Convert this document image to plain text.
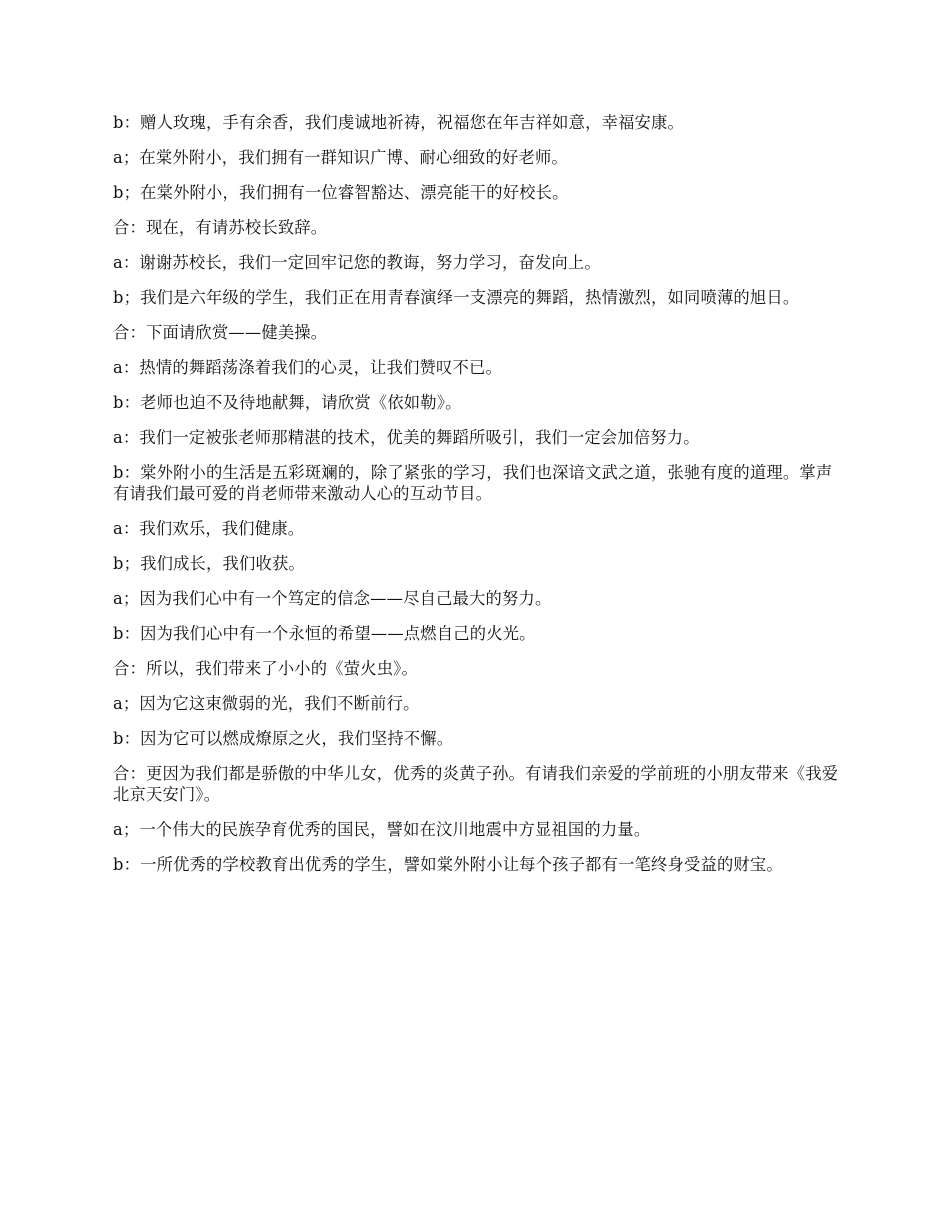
b：赠人玫瑰，手有余香，我们虔诚地祈祷，祝福您在年吉祥如意，幸福安康。

a；在棠外附小，我们拥有一群知识广博、耐心细致的好老师。

b；在棠外附小，我们拥有一位睿智豁达、漂亮能干的好校长。

合：现在，有请苏校长致辞。

a：谢谢苏校长，我们一定回牢记您的教诲，努力学习，奋发向上。

b；我们是六年级的学生，我们正在用青春演绎一支漂亮的舞蹈，热情激烈，如同喷薄的旭日。

合：下面请欣赏——健美操。

a：热情的舞蹈荡涤着我们的心灵，让我们赞叹不已。

b：老师也迫不及待地献舞，请欣赏《依如勒》。

a：我们一定被张老师那精湛的技术，优美的舞蹈所吸引，我们一定会加倍努力。

b：棠外附小的生活是五彩斑斓的，除了紧张的学习，我们也深谙文武之道，张驰有度的道理。掌声有请我们最可爱的肖老师带来激动人心的互动节目。

a：我们欢乐，我们健康。

b；我们成长，我们收获。

a；因为我们心中有一个笃定的信念——尽自己最大的努力。

b：因为我们心中有一个永恒的希望——点燃自己的火光。

合：所以，我们带来了小小的《萤火虫》。

a；因为它这束微弱的光，我们不断前行。

b：因为它可以燃成燎原之火，我们坚持不懈。

合：更因为我们都是骄傲的中华儿女，优秀的炎黄子孙。有请我们亲爱的学前班的小朋友带来《我爱北京天安门》。

a；一个伟大的民族孕育优秀的国民，譬如在汶川地震中方显祖国的力量。

b：一所优秀的学校教育出优秀的学生，譬如棠外附小让每个孩子都有一笔终身受益的财宝。
